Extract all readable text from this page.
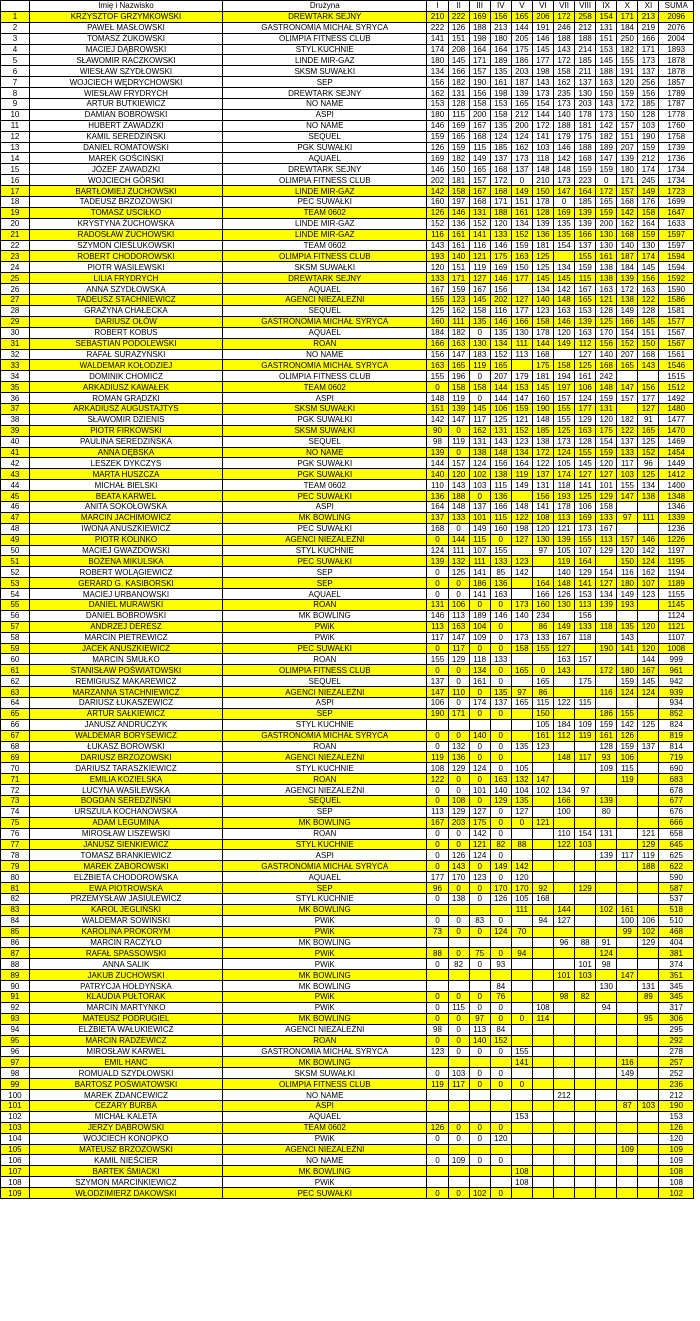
	Imię i Nazwisko	Drużyna	I	II	III	IV	V	VI	VII	VIII	IX	X	XI	SUMA
1	KRZYSZTOF GRZYMKOWSKI	DREWTARK SEJNY	210	222	169	156	165	206	172	258	154	171	213	2096
2	PAWEŁ MASŁOWSKI	GASTRONOMIA MICHAŁ SYRYCA	222	126	188	213	144	191	246	212	131	184	219	2076
3	TOMASZ ŻUKOWSKI	OLIMPIA FITNESS CLUB	141	151	198	180	205	146	188	188	151	250	166	2004
4	MACIEJ DĄBROWSKI	STYL KUCHNIE	174	208	164	164	175	145	143	214	153	182	171	1893
5	SŁAWOMIR RACZKOWSKI	LINDE MIR-GAZ	180	145	171	189	186	177	172	185	145	155	173	1878
6	WIESŁAW SZYDŁOWSKI	SKSM SUWAŁKI	134	166	157	135	203	198	158	211	188	191	137	1878
7	WOJCIECH WĘDRYCHOWSKI	SEP	156	182	190	161	187	143	162	137	163	120	256	1857
8	WIESŁAW FRYDRYCH	DREWTARK SEJNY	162	131	156	198	139	173	235	130	150	159	156	1789
9	ARTUR BUTKIEWICZ	NO NAME	153	128	158	153	165	154	173	203	143	172	185	1787
10	DAMIAN BOBROWSKI	ASPI	180	115	200	158	212	144	140	178	173	150	128	1778
11	HUBERT ZAWADZKI	NO NAME	146	169	167	135	200	172	188	181	142	157	103	1760
12	KAMIL SEREDZIŃSKI	SEQUEL	159	165	168	124	124	141	179	175	182	151	190	1758
13	DANIEL ROMATOWSKI	PGK SUWAŁKI	126	159	115	185	162	103	146	188	189	207	159	1739
14	MAREK GOŚCIŃSKI	AQUAEL	169	182	149	137	173	118	142	168	147	139	212	1736
15	JÓZEF ZAWADZKI	DREWTARK SEJNY	146	150	165	168	137	148	148	159	159	180	174	1734
16	WOJCIECH GÓRSKI	OLIMPIA FITNESS CLUB	202	181	157	172	0	210	173	223	0	171	245	1734
17	BARTŁOMIEJ ŻUCHOWSKI	LINDE MIR-GAZ	142	158	167	168	149	150	147	164	172	157	149	1723
18	TADEUSZ BRZOZOWSKI	PEC SUWAŁKI	160	197	168	171	151	178	0	185	165	168	176	1699
19	TOMASZ USCIŁKO	TEAM 0602	126	146	131	188	161	128	169	139	159	142	158	1647
20	KRYSTYNA ŻUCHOWSKA	LINDE MIR-GAZ	152	136	152	120	134	139	135	139	200	162	164	1633
21	RADOSŁAW ŻUCHOWSKI	LINDE MIR-GAZ	116	161	141	133	152	136	135	166	130	168	159	1597
22	SZYMON CIEŚLUKOWSKI	TEAM 0602	143	161	116	146	159	181	154	137	130	140	130	1597
23	ROBERT CHODOROWSKI	OLIMPIA FITNESS CLUB	193	140	121	175	163	125		155	161	187	174	1594
24	PIOTR WASILEWSKI	SKSM SUWAŁKI	120	151	119	169	150	125	134	159	138	184	145	1594
25	LILIA FRYDRYCH	DREWTARK SEJNY	133	171	127	146	177	145	145	115	138	139	156	1592
26	ANNA SZYDŁOWSKA	AQUAEL	167	159	167	156		134	142	167	163	172	163	1590
27	TADEUSZ STACHNIEWICZ	AGENCI NIEZALEŻNI	155	123	145	202	127	140	148	165	121	138	122	1586
28	GRAŻYNA CHAŁECKA	SEQUEL	125	162	158	116	177	123	163	153	128	149	128	1581
29	DARIUSZ OŁÓW	GASTRONOMIA MICHAŁ SYRYCA	160	111	135	146	166	158	146	139	125	166	145	1577
30	ROBERT KOBUS	AQUAEL	184	182	0	135	130	178	120	163	170	154	151	1567
31	SEBASTIAN PODOLEWSKI	ROAN	166	163	130	134	111	144	149	112	156	152	150	1567
32	RAFAŁ SURAŻYŃSKI	NO NAME	156	147	183	152	113	168		127	140	207	168	1561
33	WALDEMAR KOŁODZIEJ	GASTRONOMIA MICHAŁ SYRYCA	163	165	119	165		175	158	125	168	165	143	1546
34	DOMINIK CHOMICZ	OLIMPIA FITNESS CLUB	155	196	0	207	179	181	194	161	242			1515
35	ARKADIUSZ KAWAŁEK	TEAM 0602	0	158	158	144	153	145	197	106	148	147	156	1512
36	ROMAN GRĄDZKI	ASPI	148	119	0	144	147	160	157	124	159	157	177	1492
37	ARKADIUSZ AUGUSTAJTYS	SKSM SUWAŁKI	151	139	145	106	159	190	155	177	131		127	1480
38	SŁAWOMIR DZIENIS	PGK SUWAŁKI	142	147	117	125	121	148	155	129	120	182	91	1477
39	PIOTR FIRKOWSKI	SKSM SUWAŁKI	90	0	162	131	152	185	125	163	175	122	165	1470
40	PAULINA SEREDZIŃSKA	SEQUEL	98	119	131	143	123	138	173	128	154	137	125	1469
41	ANNA DĘBSKA	NO NAME	139	0	138	148	134	172	124	155	159	133	152	1454
42	LESZEK DYKCZYS	PGK SUWAŁKI	144	157	124	156	164	122	105	145	120	117	96	1449
43	MARTA HUSZCZA	PGK SUWAŁKI	140	120	102	138	119	137	174	127	127	103	125	1412
44	MICHAŁ BIELSKI	TEAM 0602	110	143	103	115	149	131	118	141	101	155	134	1400
45	BEATA KARWEL	PEC SUWAŁKI	136	188	0	136		156	193	125	129	147	138	1348
46	ANITA SOKOŁOWSKA	ASPI	164	148	137	166	148	141	178	106	158			1346
47	MARCIN JACHIMOWICZ	MK BOWLING	137	133	101	115	122	108	113	169	133	97	111	1339
48	IWONA ANUSZKIEWICZ	PEC SUWAŁKI	168	0	149	160	198	120	121	173	167			1236
49	PIOTR KOLINKO	AGENCI NIEZALEŻNI	0	144	115	0	127	130	139	155	113	157	146	1226
50	MACIEJ GWAZDOWSKI	STYL KUCHNIE	124	111	107	155		97	105	107	129	120	142	1197
51	BOŻENA MIKULSKA	PEC SUWAŁKI	139	132	111	133	123		119	164		150	124	1195
52	ROBERT WOLĄGIEWICZ	SEP	0	125	141	85	142		140	129	154	116	162	1194
53	GERARD G. KASIBORSKI	SEP	0	0	186	136		164	148	141	127	180	107	1189
54	MACIEJ URBANOWSKI	AQUAEL	0	0	141	163		166	126	153	134	149	123	1155
55	DANIEL MURAWSKI	ROAN	131	106	0	0	173	160	130	113	139	193		1145
56	DANIEL BOBROWSKI	MK BOWLING	146	113	189	146	140	234		156				1124
57	ANDRZEJ DERESZ	PWiK	113	163	104	0		86	149	133	118	135	120	1121
58	MARCIN PIETREWICZ	PWiK	117	147	109	0	173	133	167	118		143		1107
59	JACEK ANUSZKIEWICZ	PEC SUWAŁKI	0	117	0	0	158	155	127		190	141	120	1008
60	MARCIN SMUŁKO	ROAN	155	129	118	133			163	157			144	999
61	STANISŁAW POŚWIATOWSKI	OLIMPIA FITNESS CLUB	0	0	134	0	165	0	143		172	180	167	961
62	REMIGIUSZ MAKAREWICZ	SEQUEL	137	0	161	0		165		175		159	145	942
63	MARZANNA STACHNIEWICZ	AGENCI NIEZALEŻNI	147	110	0	135	97	86			116	124	124	939
64	DARIUSZ ŁUKASZEWICZ	ASPI	106	0	174	137	165	115	122	115				934
65	ARTUR SAŁKIEWICZ	SEP	190	171	0	0		150			186	155		852
66	JANUSZ ANDRUCZYK	STYL KUCHNIE						105	184	109	159	142	125	824
67	WALDEMAR BORYSEWICZ	GASTRONOMIA MICHAŁ SYRYCA	0	0	140	0		161	112	119	161	126		819
68	ŁUKASZ BOROWSKI	ROAN	0	132	0	0	135	123			128	159	137	814
69	DARIUSZ BRZOZOWSKI	AGENCI NIEZALEŻNI	119	136	0	0			148	117	93	106		719
70	DARIUSZ TARASZKIEWICZ	STYL KUCHNIE	108	129	124	0	105				109	115		690
71	EMILIA KOZIELSKA	ROAN	122	0	0	163	132	147				119		683
72	LUCYNA WASILEWSKA	AGENCI NIEZALEŻNI	0	0	101	140	104	102	134	97				678
73	BOGDAN SEREDZIŃSKI	SEQUEL	0	108	0	129	135		166		139			677
74	URSZULA KOCHANOWSKA	SEP	113	129	127	0	127		100		80			676
75	ADAM LEGUMINA	MK BOWLING	167	203	175	0	0	121						666
76	MIROSŁAW LISZEWSKI	ROAN	0	0	142	0			110	154	131		121	658
77	JANUSZ SIENKIEWICZ	STYL KUCHNIE	0	0	121	82	88		122	103			129	645
78	TOMASZ BRANKIEWICZ	ASPI	0	126	124	0					139	117	119	625
79	MAREK ZABOROWSKI	GASTRONOMIA MICHAŁ SYRYCA	0	143	0	149	142						188	622
80	ELŻBIETA CHODOROWSKA	AQUAEL	177	170	123	0	120							590
81	EWA PIOTROWSKA	SEP	96	0	0	170	170	92		129				587
82	PRZEMYSŁAW JASIULEWICZ	STYL KUCHNIE	0	138	0	126	105	168						537
83	KAROL JEGLIŃSKI	MK BOWLING					111		144		102	161		518
84	WALDEMAR SOWIŃSKI	PWiK	0	0	83	0		94	127			100	106	510
85	KAROLINA PROKORYM	PWiK	73	0	0	124	70					99	102	468
86	MARCIN RACZYŁO	MK BOWLING							96	88	91		129	404
87	RAFAŁ SPASSOWSKI	PWiK	88	0	75	0	94				124			381
88	ANNA SALIK	PWiK	0	82	0	93				101	98			374
89	JAKUB ZUCHOWSKI	MK BOWLING							101	103		147		351
90	PATRYCJA HOŁDYŃSKA	MK BOWLING				84					130		131	345
91	KLAUDIA PUŁTORAK	PWiK	0	0	0	76			98	82			89	345
92	MARCIN MARTYNKO	PWiK	0	115	0	0		108			94			317
93	MATEUSZ PODRUGIEL	MK BOWLING	0	0	97	0	0	114					95	306
94	ELŻBIETA WAŁUKIEWICZ	AGENCI NIEZALEŻNI	98	0	113	84								295
95	MARCIN RADZEWICZ	ROAN	0	0	140	152								292
96	MIROSŁAW KARWEL	GASTRONOMIA MICHAŁ SYRYCA	123	0	0	0	155							278
97	EMIL HANC	MK BOWLING					141					116		257
98	ROMUALD SZYDŁOWSKI	SKSM SUWAŁKI	0	103	0	0						149		252
99	BARTOSZ POŚWIATOWSKI	OLIMPIA FITNESS CLUB	119	117	0	0	0							236
100	MAREK ZDANCEWICZ	NO NAME							212					212
101	CEZARY BURBA	ASPI										87	103	190
102	MICHAŁ KALETA	AQUAEL					153							153
103	JERZY DĄBROWSKI	TEAM 0602	126	0	0	0								126
104	WOJCIECH KONOPKO	PWiK	0	0	0	120								120
105	MATEUSZ BRZOZOWSKI	AGENCI NIEZALEŻNI										109		109
106	KAMIL NIEŚCIER	NO NAME	0	109	0	0								109
107	BARTEK ŚMIACKI	MK BOWLING					108							108
108	SZYMON MARCINKIEWICZ	PWiK					108							108
109	WŁODZIMIERZ DAKOWSKI	PEC SUWAŁKI	0	0	102	0								102
